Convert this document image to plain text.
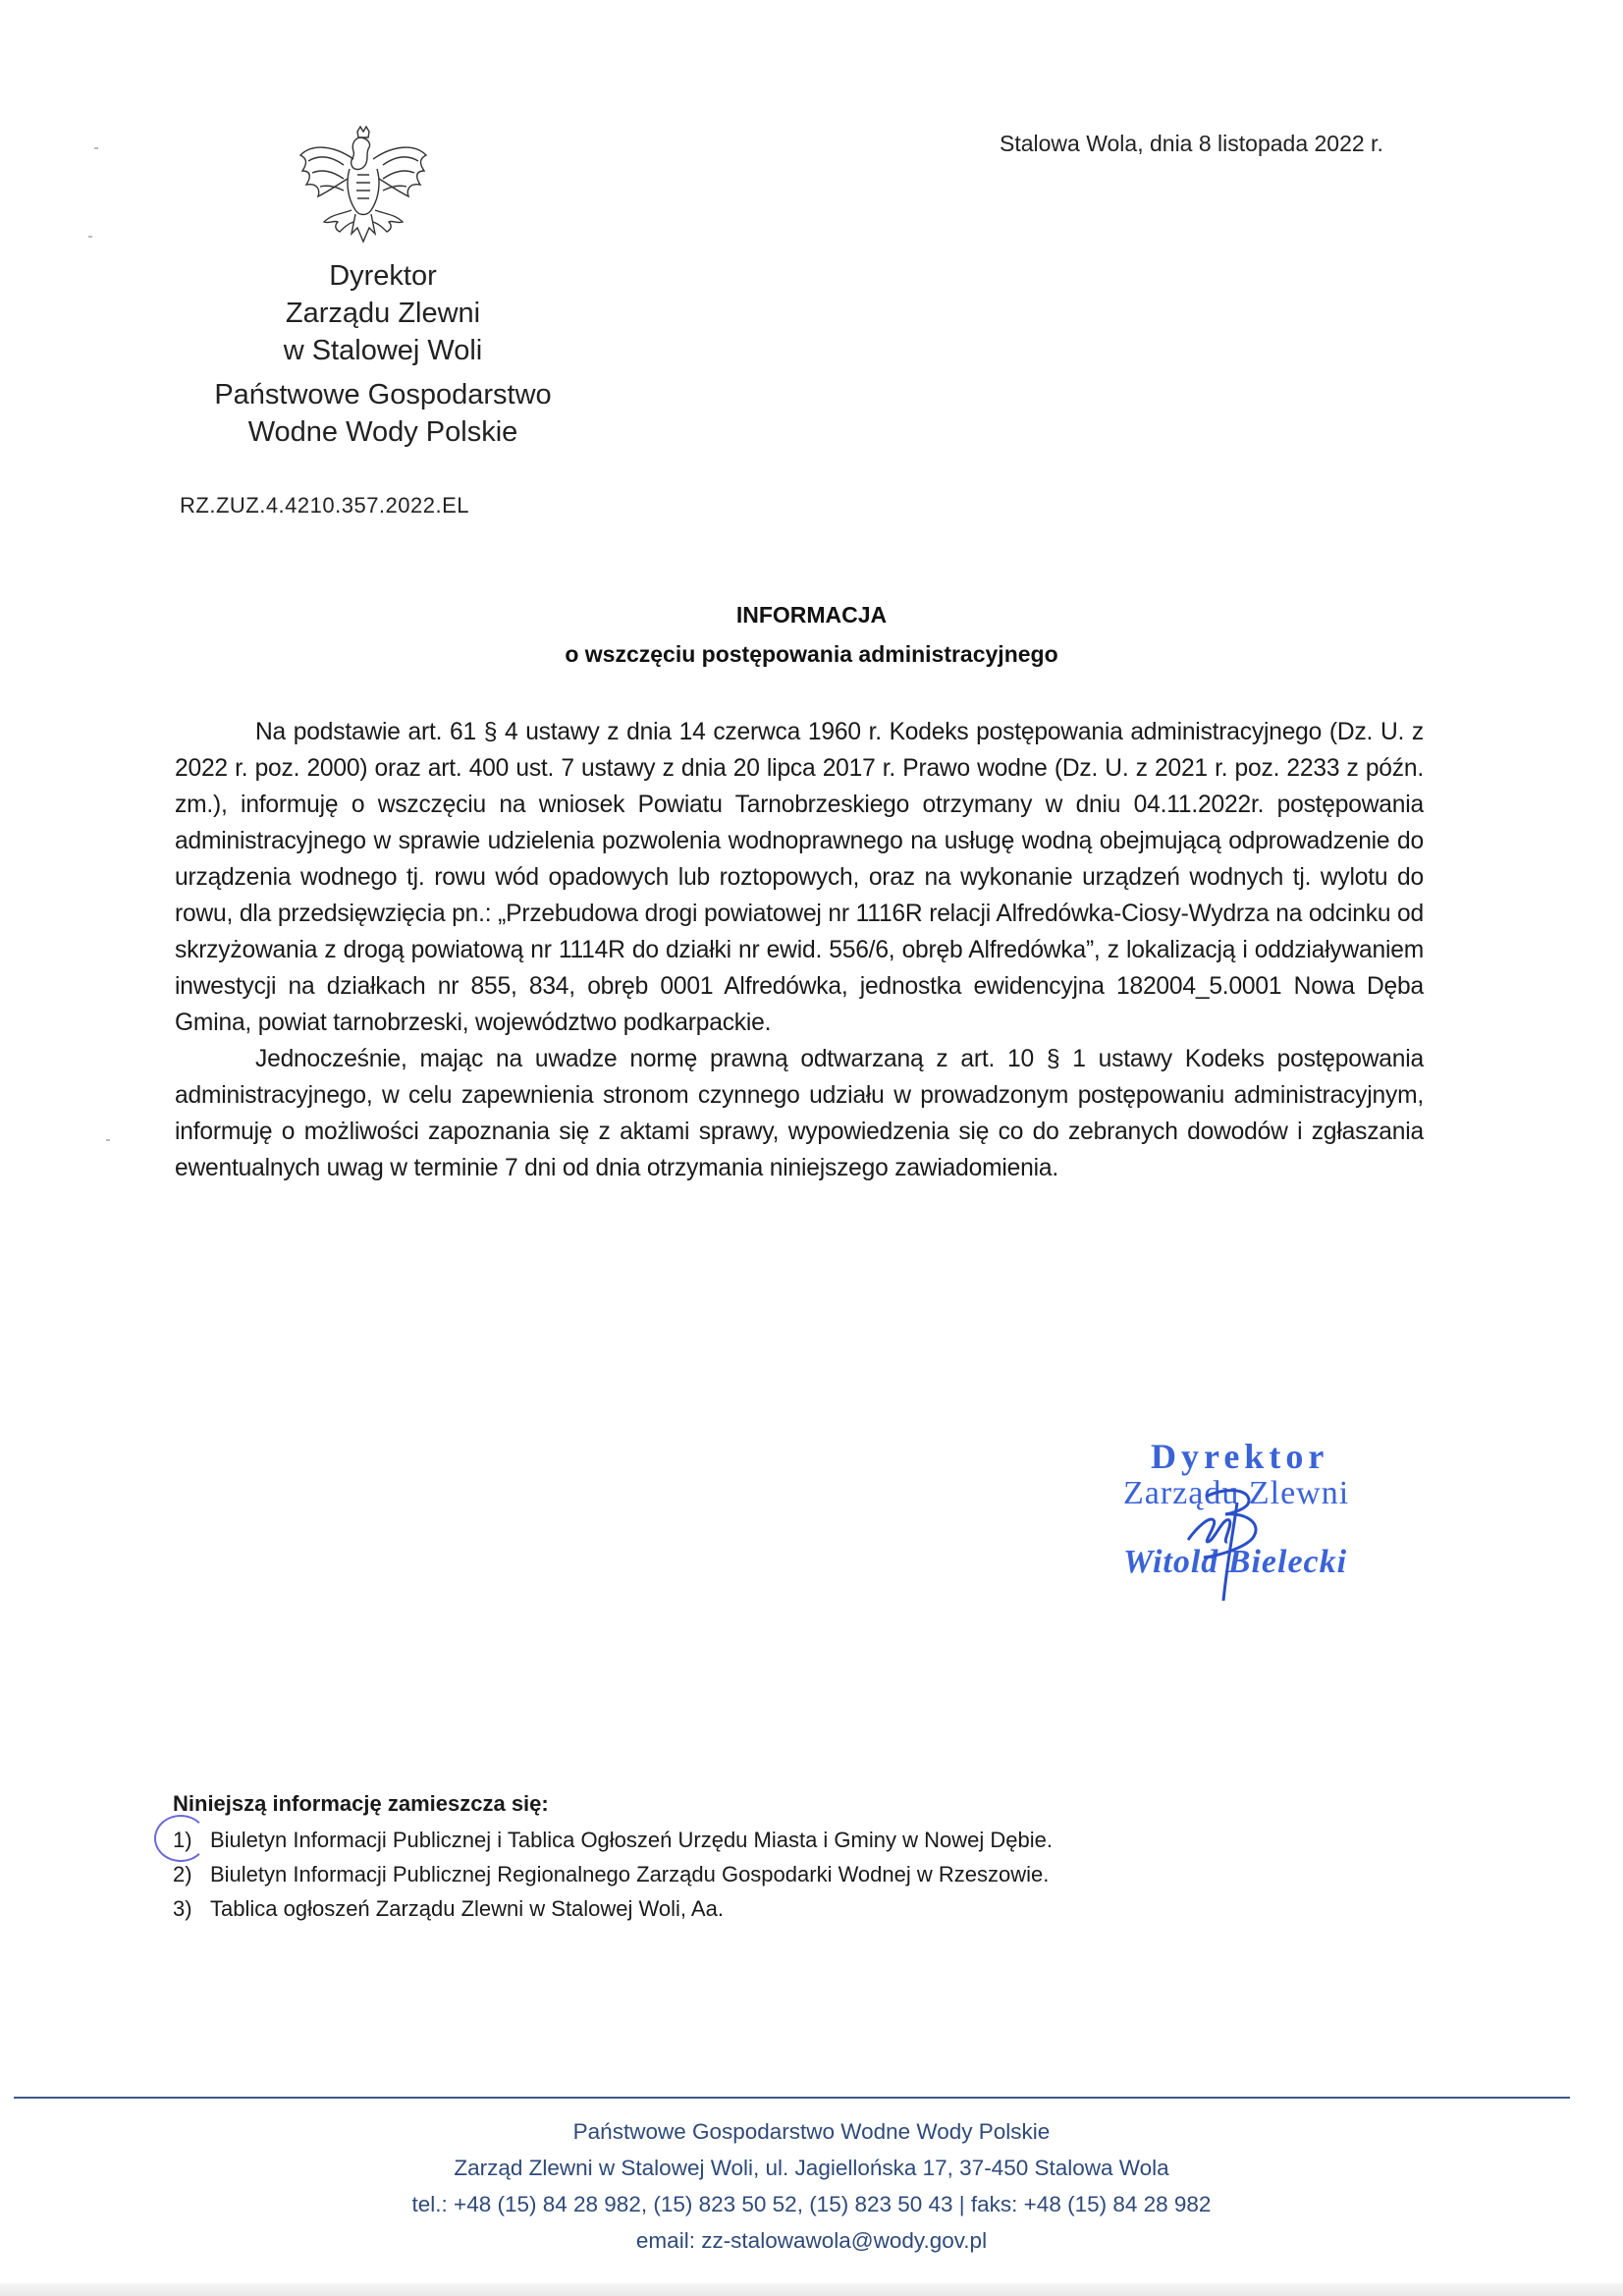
Dyrektor
Zarządu Zlewni
w Stalowej Woli
Państwowe Gospodarstwo
Wodne Wody Polskie
RZ.ZUZ.4.4210.357.2022.EL
Stalowa Wola, dnia 8 listopada 2022 r.
INFORMACJA
o wszczęciu postępowania administracyjnego

Na podstawie art. 61 § 4 ustawy z dnia 14 czerwca 1960 r. Kodeks postępowania administracyjnego (Dz. U. z 2022 r. poz. 2000) oraz art. 400 ust. 7 ustawy z dnia 20 lipca 2017 r. Prawo wodne (Dz. U. z 2021 r. poz. 2233 z późn. zm.), informuję o wszczęciu na wniosek Powiatu Tarnobrzeskiego otrzymany w dniu 04.11.2022r. postępowania administracyjnego w sprawie udzielenia pozwolenia wodnoprawnego na usługę wodną obejmującą odprowadzenie do urządzenia wodnego tj. rowu wód opadowych lub roztopowych, oraz na wykonanie urządzeń wodnych tj. wylotu do rowu, dla przedsięwzięcia pn.: „Przebudowa drogi powiatowej nr 1116R relacji Alfredówka-Ciosy-Wydrza na odcinku od skrzyżowania z drogą powiatową nr 1114R do działki nr ewid. 556/6, obręb Alfredówka”, z lokalizacją i oddziaływaniem inwestycji na działkach nr 855, 834, obręb 0001 Alfredówka, jednostka ewidencyjna 182004_5.0001 Nowa Dęba Gmina, powiat tarnobrzeski, województwo podkarpackie.

Jednocześnie, mając na uwadze normę prawną odtwarzaną z art. 10 § 1 ustawy Kodeks postępowania administracyjnego, w celu zapewnienia stronom czynnego udziału w prowadzonym postępowaniu administracyjnym, informuję o możliwości zapoznania się z aktami sprawy, wypowiedzenia się co do zebranych dowodów i zgłaszania ewentualnych uwag w terminie 7 dni od dnia otrzymania niniejszego zawiadomienia.

Dyrektor
Zarządu Zlewni
Witold Bielecki
Niniejszą informację zamieszcza się:
1) Biuletyn Informacji Publicznej i Tablica Ogłoszeń Urzędu Miasta i Gminy w Nowej Dębie.
2) Biuletyn Informacji Publicznej Regionalnego Zarządu Gospodarki Wodnej w Rzeszowie.
3) Tablica ogłoszeń Zarządu Zlewni w Stalowej Woli, Aa.
Państwowe Gospodarstwo Wodne Wody Polskie
Zarząd Zlewni w Stalowej Woli, ul. Jagiellońska 17, 37-450 Stalowa Wola
tel.: +48 (15) 84 28 982, (15) 823 50 52, (15) 823 50 43 | faks: +48 (15) 84 28 982
email: zz-stalowawola@wody.gov.pl
